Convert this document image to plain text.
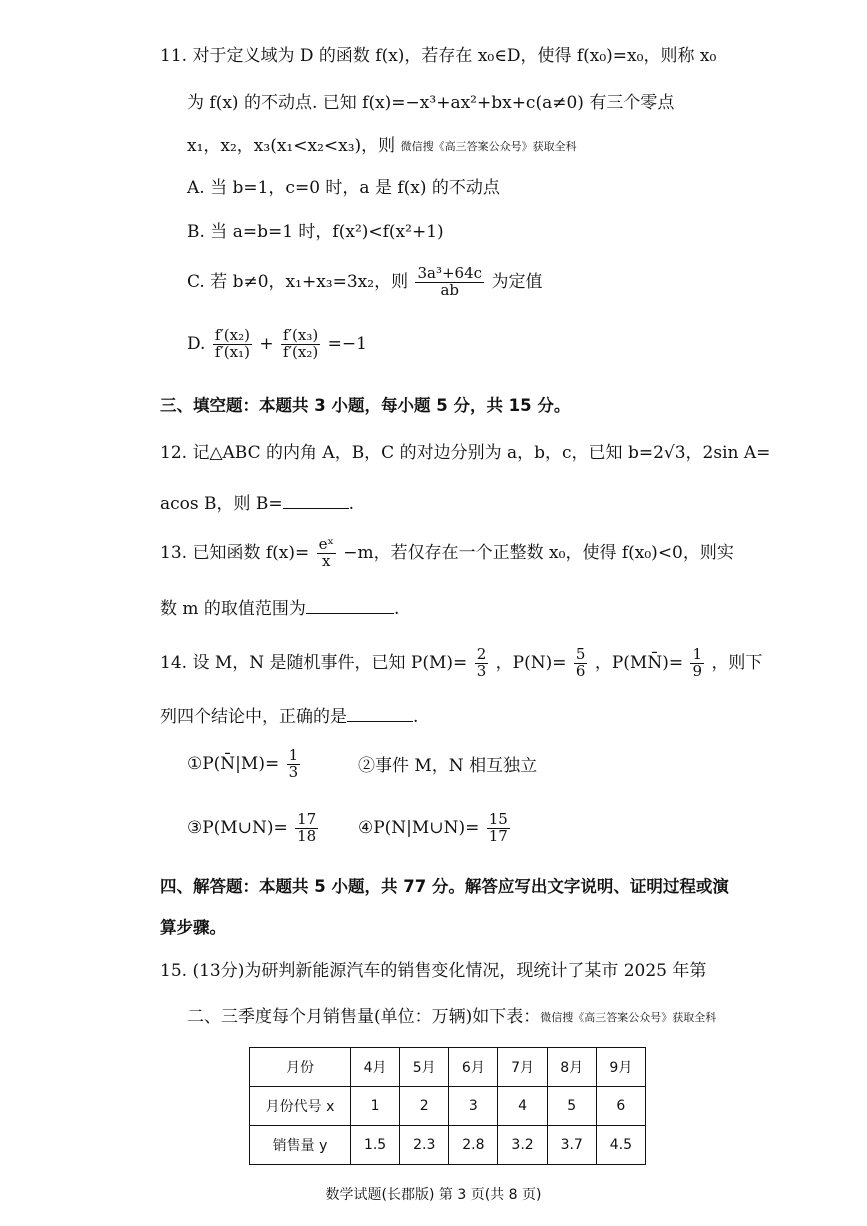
11. 对于定义域为 D 的函数 f(x)，若存在 x₀∈D，使得 f(x₀)=x₀，则称 x₀
为 f(x) 的不动点. 已知 f(x)=−x³+ax²+bx+c(a≠0) 有三个零点
x₁，x₂，x₃(x₁<x₂<x₃)，则 微信搜《高三答案公众号》获取全科
A. 当 b=1，c=0 时，a 是 f(x) 的不动点
B. 当 a=b=1 时，f(x²)<f(x²+1)
C. 若 b≠0，x₁+x₃=3x₂，则 $\frac{\text{3a³+64c}}{ab}$ 为定值
D. $\frac{\text{f′(x₂)}}{\text{f′(x₁)}} + \frac{\text{f′(x₃)}}{\text{f′(x₂)}} =-1$
三、填空题：本题共 3 小题，每小题 5 分，共 15 分。
12. 记△ABC 的内角 A，B，C 的对边分别为 a，b，c，已知 b=2√3，2sin A=
acos B，则 B=	.
13. 已知函数 $f(x)= \frac{\text{eˣ}}{x} -m$，若仅存在一个正整数 x₀，使得 f(x₀)<0，则实
数 m 的取值范围为	.
14. 设 M，N 是随机事件，已知 $P(M)= \frac{2}{3}$ ，$P(N)= \frac{5}{6}$ ，P(MN̄)= $\frac{1}{9}$ ，则下
列四个结论中，正确的是	.
①P(N̄|M)= $\frac{1}{3}$	②事件 M，N 相互独立
③P(M∪N)= $\frac{17}{18}$ ④P(N|M∪N)= $\frac{15}{17}$
四、解答题：本题共 5 小题，共 77 分。解答应写出文字说明、证明过程或演
算步骤。
15. (13分)为研判新能源汽车的销售变化情况，现统计了某市 2025 年第
二、三季度每个月销售量(单位：万辆)如下表：微信搜《高三答案公众号》获取全科
月份	4月	5月	6月	7月	8月	9月
月份代号 x	1	2	3	4	5	6
销售量 y	1.5	2.3	2.8	3.2	3.7	4.5
数学试题(长郡版) 第 3 页(共 8 页)
